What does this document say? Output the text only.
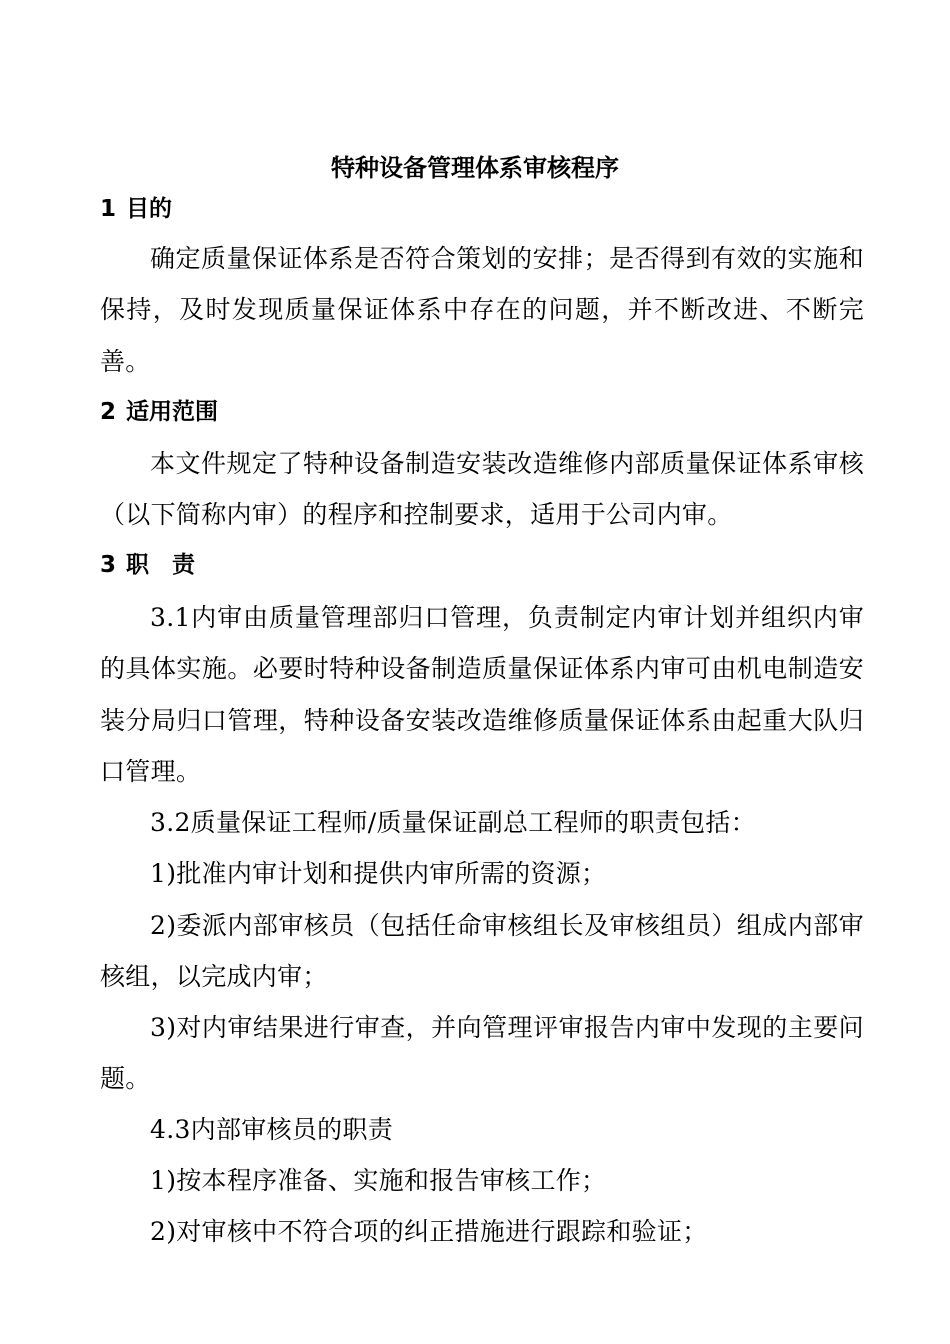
特种设备管理体系审核程序
1 目的

确定质量保证体系是否符合策划的安排；是否得到有效的实施和保持，及时发现质量保证体系中存在的问题，并不断改进、不断完善。

2 适用范围

本文件规定了特种设备制造安装改造维修内部质量保证体系审核（以下简称内审）的程序和控制要求，适用于公司内审。

3 职　责

3.1内审由质量管理部归口管理，负责制定内审计划并组织内审的具体实施。必要时特种设备制造质量保证体系内审可由机电制造安装分局归口管理，特种设备安装改造维修质量保证体系由起重大队归口管理。

3.2质量保证工程师/质量保证副总工程师的职责包括：

1)批准内审计划和提供内审所需的资源；

2)委派内部审核员（包括任命审核组长及审核组员）组成内部审核组，以完成内审；

3)对内审结果进行审查，并向管理评审报告内审中发现的主要问题。

4.3内部审核员的职责

1)按本程序准备、实施和报告审核工作；

2)对审核中不符合项的纠正措施进行跟踪和验证；
